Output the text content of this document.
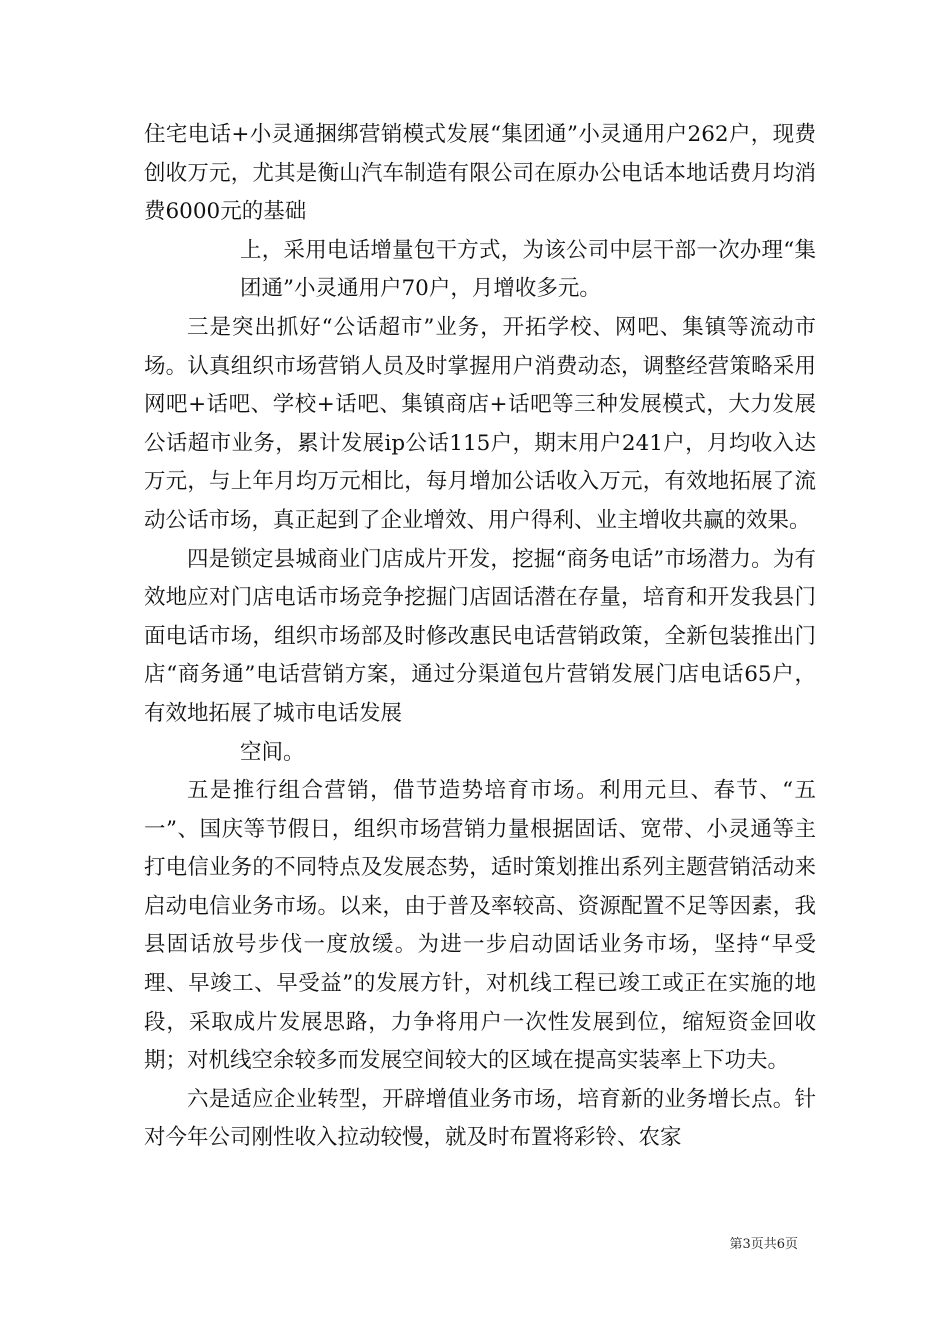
住宅电话+小灵通捆绑营销模式发展“集团通”小灵通用户262户，现费创收万元，尤其是衡山汽车制造有限公司在原办公电话本地话费月均消费6000元的基础

上，采用电话增量包干方式，为该公司中层干部一次办理“集团通”小灵通用户70户，月增收多元。

三是突出抓好“公话超市”业务，开拓学校、网吧、集镇等流动市场。认真组织市场营销人员及时掌握用户消费动态，调整经营策略采用网吧+话吧、学校+话吧、集镇商店+话吧等三种发展模式，大力发展公话超市业务，累计发展ip公话115户，期末用户241户，月均收入达万元，与上年月均万元相比，每月增加公话收入万元，有效地拓展了流动公话市场，真正起到了企业增效、用户得利、业主增收共赢的效果。

四是锁定县城商业门店成片开发，挖掘“商务电话”市场潜力。为有效地应对门店电话市场竞争挖掘门店固话潜在存量，培育和开发我县门面电话市场，组织市场部及时修改惠民电话营销政策，全新包装推出门店“商务通”电话营销方案，通过分渠道包片营销发展门店电话65户，有效地拓展了城市电话发展

空间。

五是推行组合营销，借节造势培育市场。利用元旦、春节、“五一”、国庆等节假日，组织市场营销力量根据固话、宽带、小灵通等主打电信业务的不同特点及发展态势，适时策划推出系列主题营销活动来启动电信业务市场。以来，由于普及率较高、资源配置不足等因素，我县固话放号步伐一度放缓。为进一步启动固话业务市场，坚持“早受理、早竣工、早受益”的发展方针，对机线工程已竣工或正在实施的地段，采取成片发展思路，力争将用户一次性发展到位，缩短资金回收期；对机线空余较多而发展空间较大的区域在提高实装率上下功夫。

六是适应企业转型，开辟增值业务市场，培育新的业务增长点。针对今年公司刚性收入拉动较慢，就及时布置将彩铃、农家

第3页共6页
